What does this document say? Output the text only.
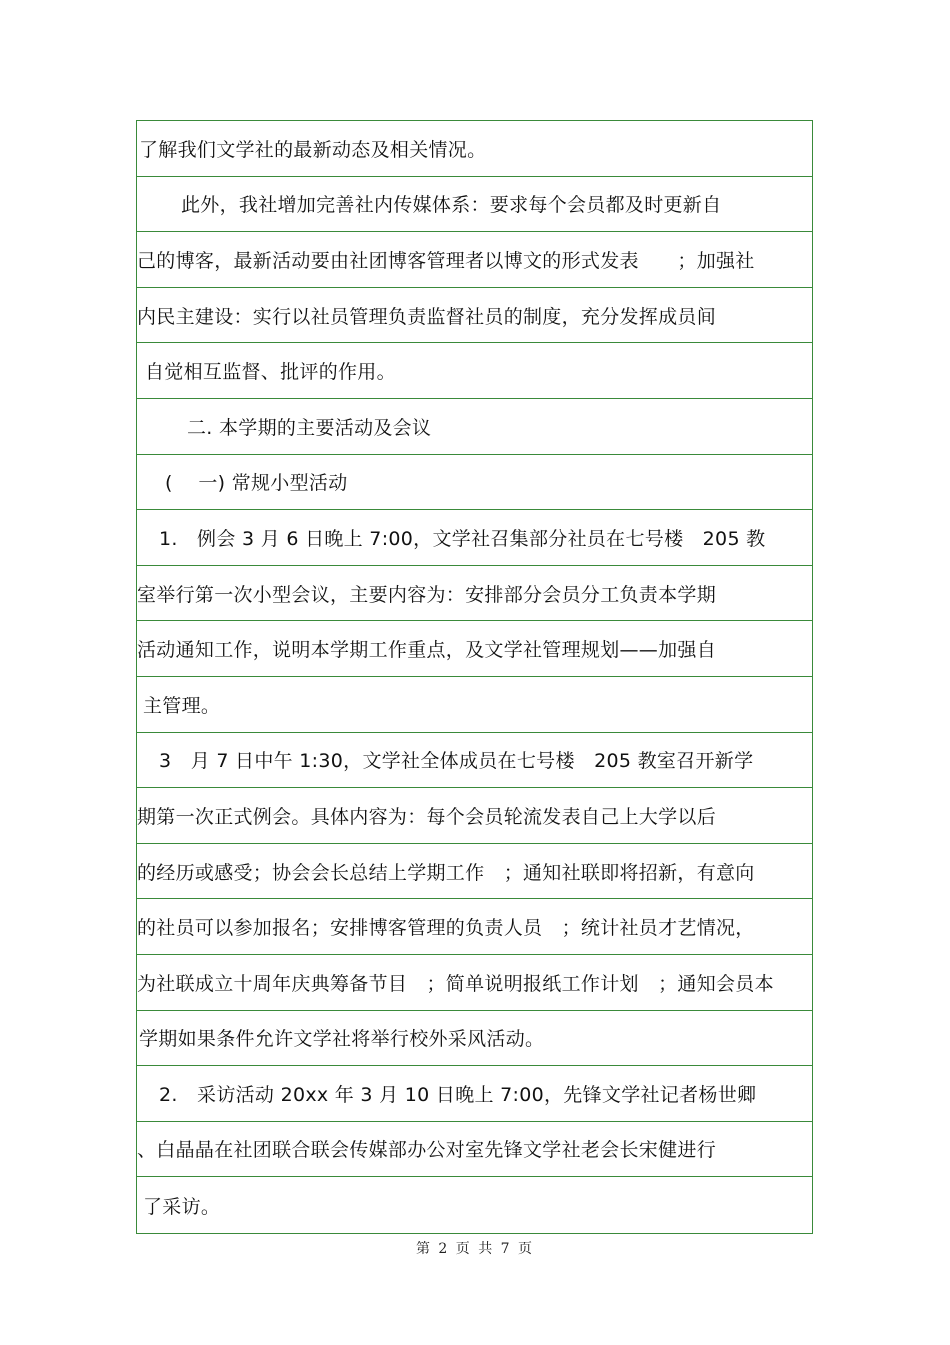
了解我们文学社的最新动态及相关情况。
此外，我社增加完善社内传媒体系：要求每个会员都及时更新自
己的博客，最新活动要由社团博客管理者以博文的形式发表　　；加强社
内民主建设：实行以社员管理负责监督社员的制度，充分发挥成员间
自觉相互监督、批评的作用。
二. 本学期的主要活动及会议
(　 一) 常规小型活动
1.　例会 3 月 6 日晚上 7:00，文学社召集部分社员在七号楼　205 教
室举行第一次小型会议，主要内容为：安排部分会员分工负责本学期
活动通知工作，说明本学期工作重点，及文学社管理规划——加强自
主管理。
3　月 7 日中午 1:30，文学社全体成员在七号楼　205 教室召开新学
期第一次正式例会。具体内容为：每个会员轮流发表自己上大学以后
的经历或感受；协会会长总结上学期工作　；通知社联即将招新，有意向
的社员可以参加报名；安排博客管理的负责人员　；统计社员才艺情况，
为社联成立十周年庆典筹备节目　；简单说明报纸工作计划　；通知会员本
学期如果条件允许文学社将举行校外采风活动。
2.　采访活动 20xx 年 3 月 10 日晚上 7:00，先锋文学社记者杨世卿
、白晶晶在社团联合联会传媒部办公对室先锋文学社老会长宋健进行
了采访。
第 2 页 共 7 页
